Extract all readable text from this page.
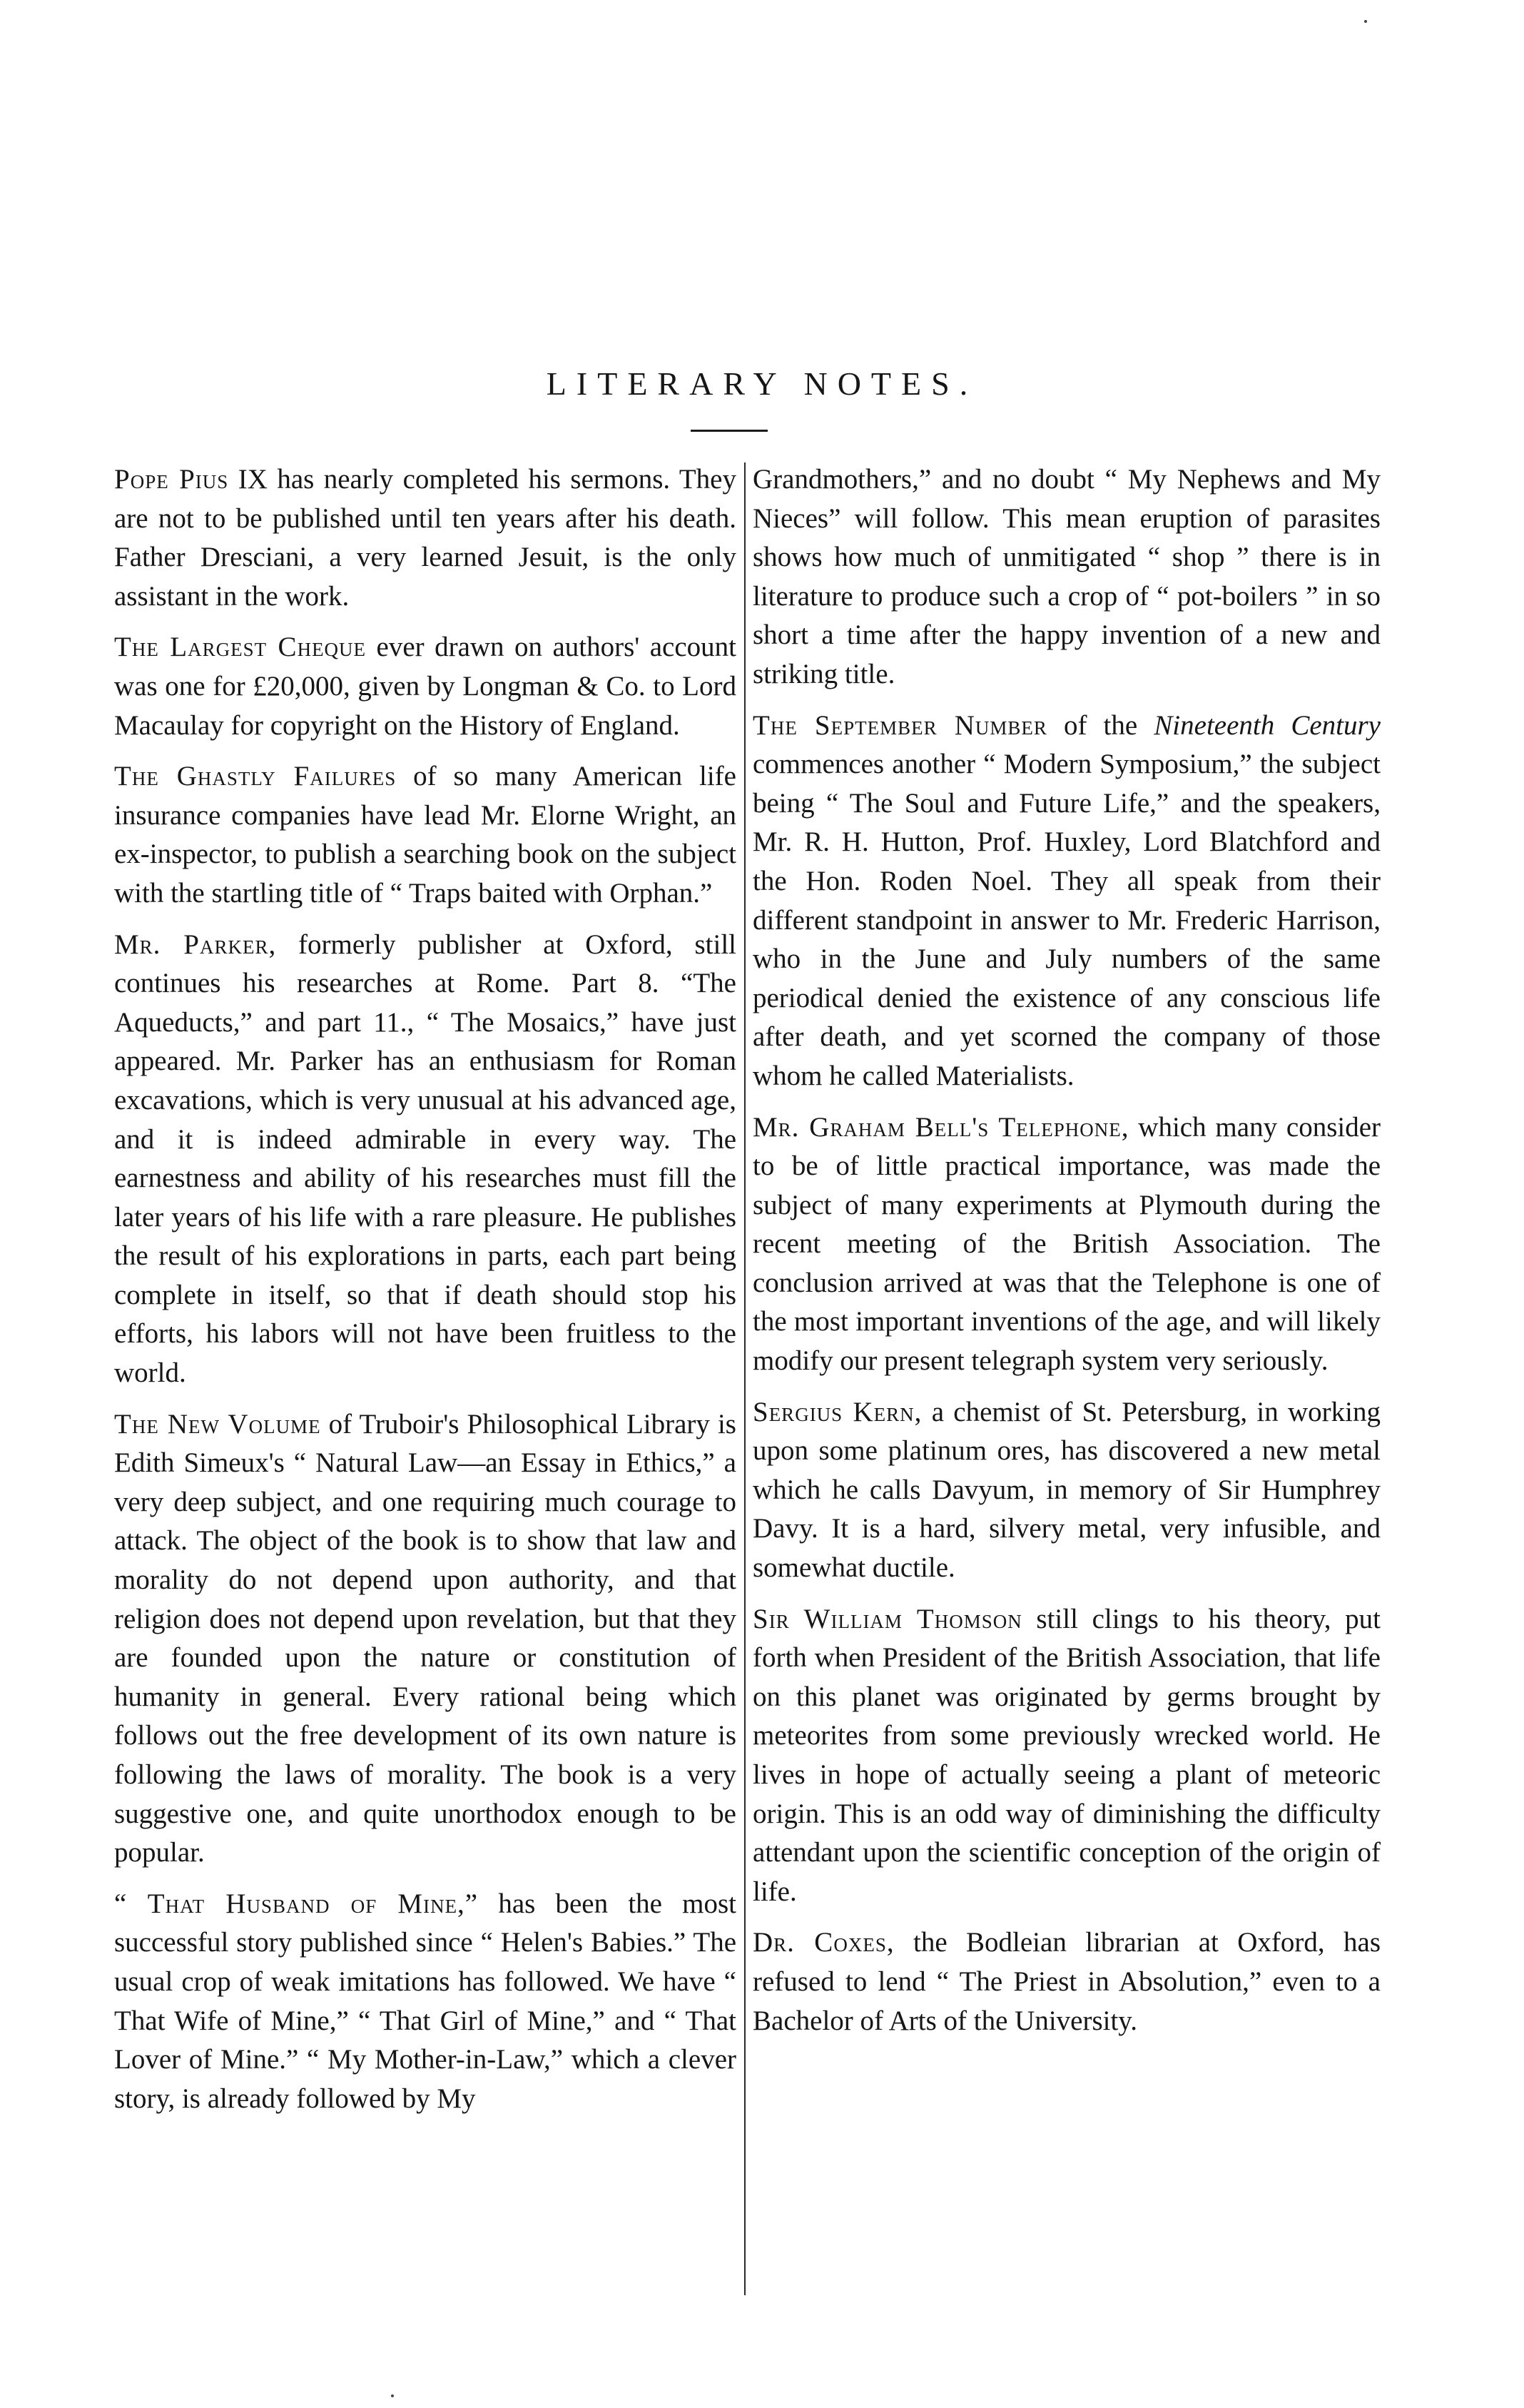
LITERARY NOTES.

Pope Pius IX has nearly completed his sermons. They are not to be published until ten years after his death. Father Dresciani, a very learned Jesuit, is the only assistant in the work.

The Largest Cheque ever drawn on authors' account was one for £20,000, given by Longman & Co. to Lord Macaulay for copyright on the History of England.

The Ghastly Failures of so many American life insurance companies have lead Mr. Elorne Wright, an ex-inspector, to publish a searching book on the subject with the startling title of “ Traps baited with Orphan.”

Mr. Parker, formerly publisher at Oxford, still continues his researches at Rome. Part 8. “The Aqueducts,” and part 11., “ The Mosaics,” have just appeared. Mr. Parker has an enthusiasm for Roman excavations, which is very unusual at his advanced age, and it is indeed admirable in every way. The earnestness and ability of his researches must fill the later years of his life with a rare pleasure. He publishes the result of his explorations in parts, each part being complete in itself, so that if death should stop his efforts, his labors will not have been fruitless to the world.

The New Volume of Truboir's Philosophical Library is Edith Simeux's “ Natural Law—an Essay in Ethics,” a very deep subject, and one requiring much courage to attack. The object of the book is to show that law and morality do not depend upon authority, and that religion does not depend upon revelation, but that they are founded upon the nature or constitution of humanity in general. Every rational being which follows out the free development of its own nature is following the laws of morality. The book is a very suggestive one, and quite unorthodox enough to be popular.

“ That Husband of Mine,” has been the most successful story published since “ Helen's Babies.” The usual crop of weak imitations has followed. We have “ That Wife of Mine,” “ That Girl of Mine,” and “ That Lover of Mine.” “ My Mother-in-Law,” which a clever story, is already followed by My

Grandmothers,” and no doubt “ My Nephews and My Nieces” will follow. This mean eruption of parasites shows how much of unmitigated “ shop ” there is in literature to produce such a crop of “ pot-boilers ” in so short a time after the happy invention of a new and striking title.

The September Number of the Nineteenth Century commences another “ Modern Symposium,” the subject being “ The Soul and Future Life,” and the speakers, Mr. R. H. Hutton, Prof. Huxley, Lord Blatchford and the Hon. Roden Noel. They all speak from their different standpoint in answer to Mr. Frederic Harrison, who in the June and July numbers of the same periodical denied the existence of any conscious life after death, and yet scorned the company of those whom he called Materialists.

Mr. Graham Bell's Telephone, which many consider to be of little practical importance, was made the subject of many experiments at Plymouth during the recent meeting of the British Association. The conclusion arrived at was that the Telephone is one of the most important inventions of the age, and will likely modify our present telegraph system very seriously.

Sergius Kern, a chemist of St. Petersburg, in working upon some platinum ores, has discovered a new metal which he calls Davyum, in memory of Sir Humphrey Davy. It is a hard, silvery metal, very infusible, and somewhat ductile.

Sir William Thomson still clings to his theory, put forth when President of the British Association, that life on this planet was originated by germs brought by meteorites from some previously wrecked world. He lives in hope of actually seeing a plant of meteoric origin. This is an odd way of diminishing the difficulty attendant upon the scientific conception of the origin of life.

Dr. Coxes, the Bodleian librarian at Oxford, has refused to lend “ The Priest in Absolution,” even to a Bachelor of Arts of the University.
